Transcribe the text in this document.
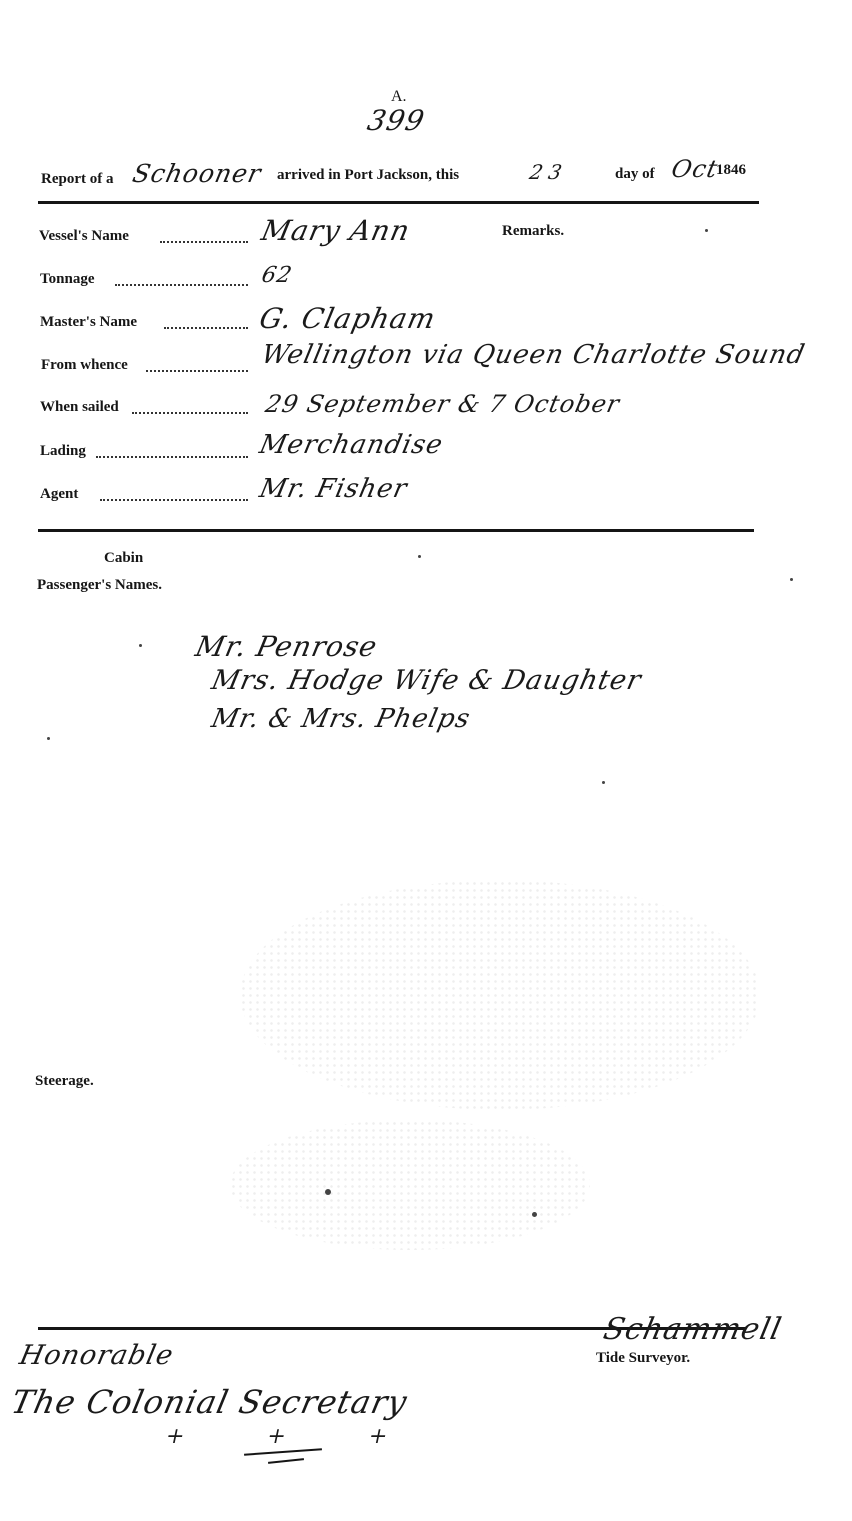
A.
399
Report of a Schooner arrived in Port Jackson, this	23	day of Oct
1846
Vessel's Name	Mary Ann	Remarks.
Tonnage	62
Master's Name	G. Clapham
From whence	Wellington via Queen Charlotte Sound
When sailed	29 September & 7 October
Lading	Merchandise
Agent	Mr. Fisher
Cabin
Passenger's Names.
Mr. Penrose
Mrs. Hodge Wife & Daughter
Mr. & Mrs. Phelps
Steerage.
Schammell
Tide Surveyor.
Honorable
The Colonial Secretary
+ + +
